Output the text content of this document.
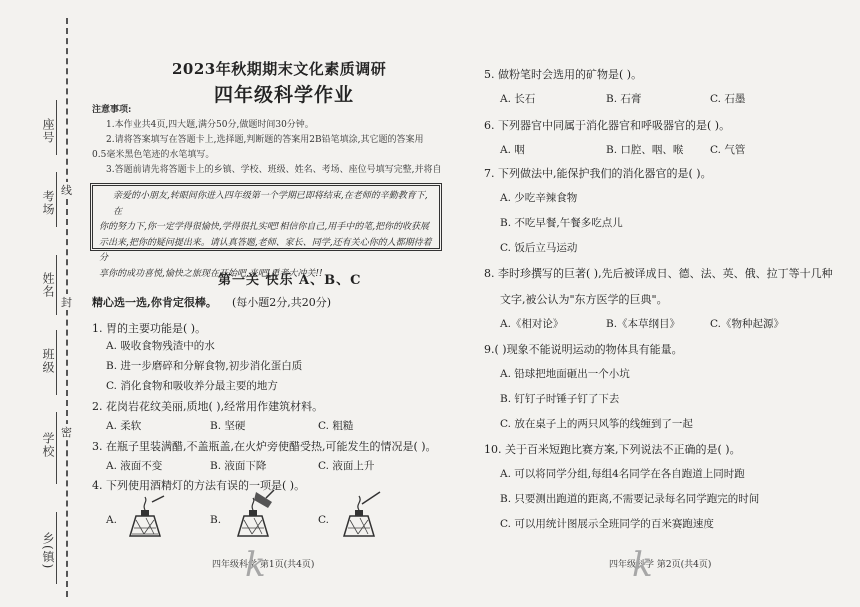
座号
考场
姓名
班级
学校
乡(镇)
线
封
密
2023年秋期期末文化素质调研
四年级科学作业
注意事项:
1.本作业共4页,四大题,满分50分,做题时间30分钟。
2.请将答案填写在答题卡上,选择题,判断题的答案用2B铅笔填涂,其它题的答案用
0.5毫米黑色笔迹的水笔填写。
3.答题前请先将答题卡上的乡镇、学校、班级、姓名、考场、座位号填写完整,并将自
亲爱的小朋友,转眼间你进入四年级第一个学期已即将结束,在老师的辛勤教育下,在
你的努力下,你一定学得很愉快,学得很扎实吧!相信你自己,用手中的笔,把你的收获展
示出来,把你的疑问提出来。请认真答题,老师、家长、同学,还有关心你的人都期待着分
享你的成功喜悦,愉快之旅现在开始吧,来吧!勇者大冲关!!
第一关 快乐 A、B、C
精心选一选,你肯定很棒。 (每小题2分,共20分)
1. 胃的主要功能是( )。
A. 吸收食物残渣中的水
B. 进一步磨碎和分解食物,初步消化蛋白质
C. 消化食物和吸收养分最主要的地方
2. 花岗岩花纹美丽,质地( ),经常用作建筑材料。
A. 柔软	B. 坚硬	C. 粗糙
3. 在瓶子里装满醋,不盖瓶盖,在火炉旁使醋受热,可能发生的情况是( )。
A. 液面不变	B. 液面下降	C. 液面上升
4. 下列使用酒精灯的方法有误的一项是( )。
A.	B.	C.
5. 做粉笔时会选用的矿物是( )。
A. 长石	B. 石膏	C. 石墨
6. 下列器官中同属于消化器官和呼吸器官的是( )。
A. 咽	B. 口腔、咽、喉	C. 气管
7. 下列做法中,能保护我们的消化器官的是( )。
A. 少吃辛辣食物
B. 不吃早餐,午餐多吃点儿
C. 饭后立马运动
8. 李时珍撰写的巨著( ),先后被译成日、德、法、英、俄、拉丁等十几种
文字,被公认为"东方医学的巨典"。
A.《相对论》	B.《本草纲目》	C.《物种起源》
9.( )现象不能说明运动的物体具有能量。
A. 铅球把地面砸出一个小坑
B. 钉钉子时锤子钉了下去
C. 放在桌子上的两只风筝的线缠到了一起
10. 关于百米短跑比赛方案,下列说法不正确的是( )。
A. 可以将同学分组,每组4名同学在各自跑道上同时跑
B. 只要测出跑道的距离,不需要记录每名同学跑完的时间
C. 可以用统计图展示全班同学的百米赛跑速度
四年级科学 第1页(共4页)	四年级科学 第2页(共4页)
k	k
